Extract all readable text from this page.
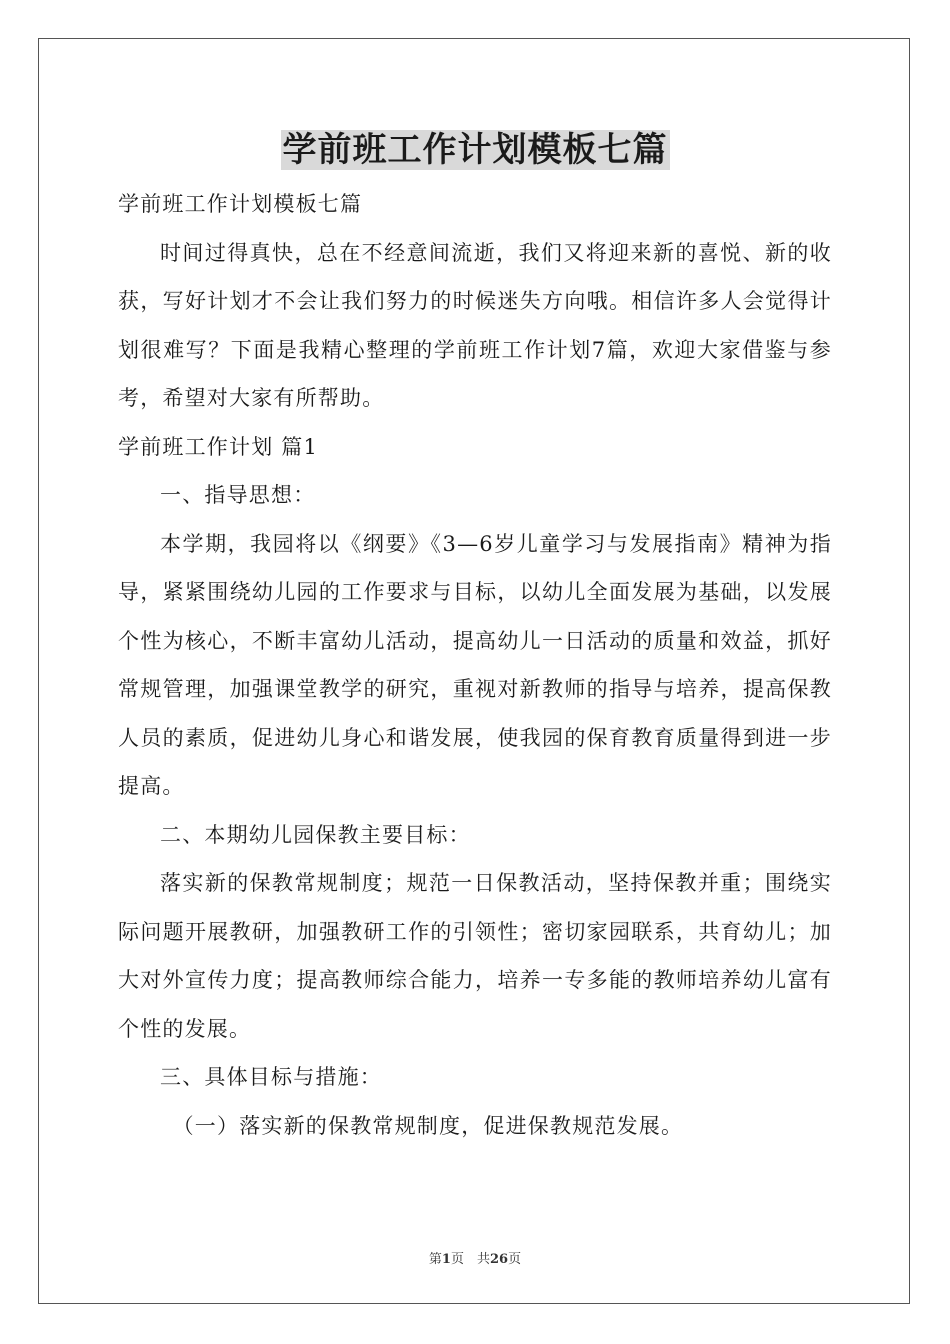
学前班工作计划模板七篇

学前班工作计划模板七篇

时间过得真快，总在不经意间流逝，我们又将迎来新的喜悦、新的收获，写好计划才不会让我们努力的时候迷失方向哦。相信许多人会觉得计划很难写？下面是我精心整理的学前班工作计划7篇，欢迎大家借鉴与参考，希望对大家有所帮助。

学前班工作计划 篇1

一、指导思想：

本学期，我园将以《纲要》《3—6岁儿童学习与发展指南》精神为指导，紧紧围绕幼儿园的工作要求与目标，以幼儿全面发展为基础，以发展个性为核心，不断丰富幼儿活动，提高幼儿一日活动的质量和效益，抓好常规管理，加强课堂教学的研究，重视对新教师的指导与培养，提高保教人员的素质，促进幼儿身心和谐发展，使我园的保育教育质量得到进一步提高。

二、本期幼儿园保教主要目标：

落实新的保教常规制度；规范一日保教活动，坚持保教并重；围绕实际问题开展教研，加强教研工作的引领性；密切家园联系，共育幼儿；加大对外宣传力度；提高教师综合能力，培养一专多能的教师培养幼儿富有个性的发展。

三、具体目标与措施：

（一）落实新的保教常规制度，促进保教规范发展。

第1页　共26页
